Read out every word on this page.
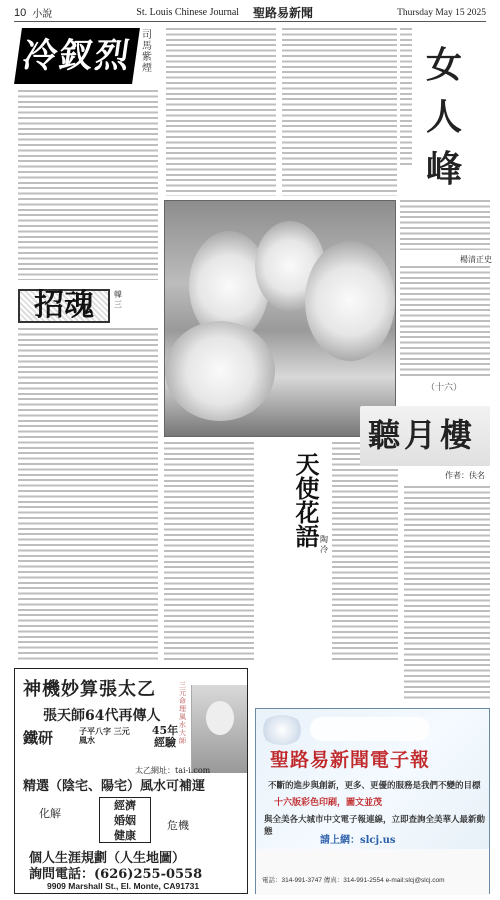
10 小說	St. Louis Chinese Journal 聖路易新聞	Thursday May 15 2025
冷釵烈女
司馬紫煙
招魂	韓三
天使花語 陶冷
女
人
峰
楊清正史
（十六）
聽月樓
作者：伕名
神機妙算張太乙
張天師64代再傳人
鐵研	子平八字 三元風水
45年 經驗
三元命理風水大師
太乙網址：tai-i.com
精選（陰宅、陽宅）風水可補運
化解
經濟
婚姻
健康
危機
個人生涯規劃（人生地圖）
詢問電話：(626)255-0558
9909 Marshall St., El. Monte, CA91731
聖路易新聞電子報
不斷的進步與創新，更多、更優的服務是我們不變的目標
十六版彩色印刷，圖文並茂
與全美各大城市中文電子報連線，立即查詢全美華人最新動態
請上網：slcj.us
電話：314-991-3747 傳真：314-991-2554 e-mail:slcj@slcj.com
